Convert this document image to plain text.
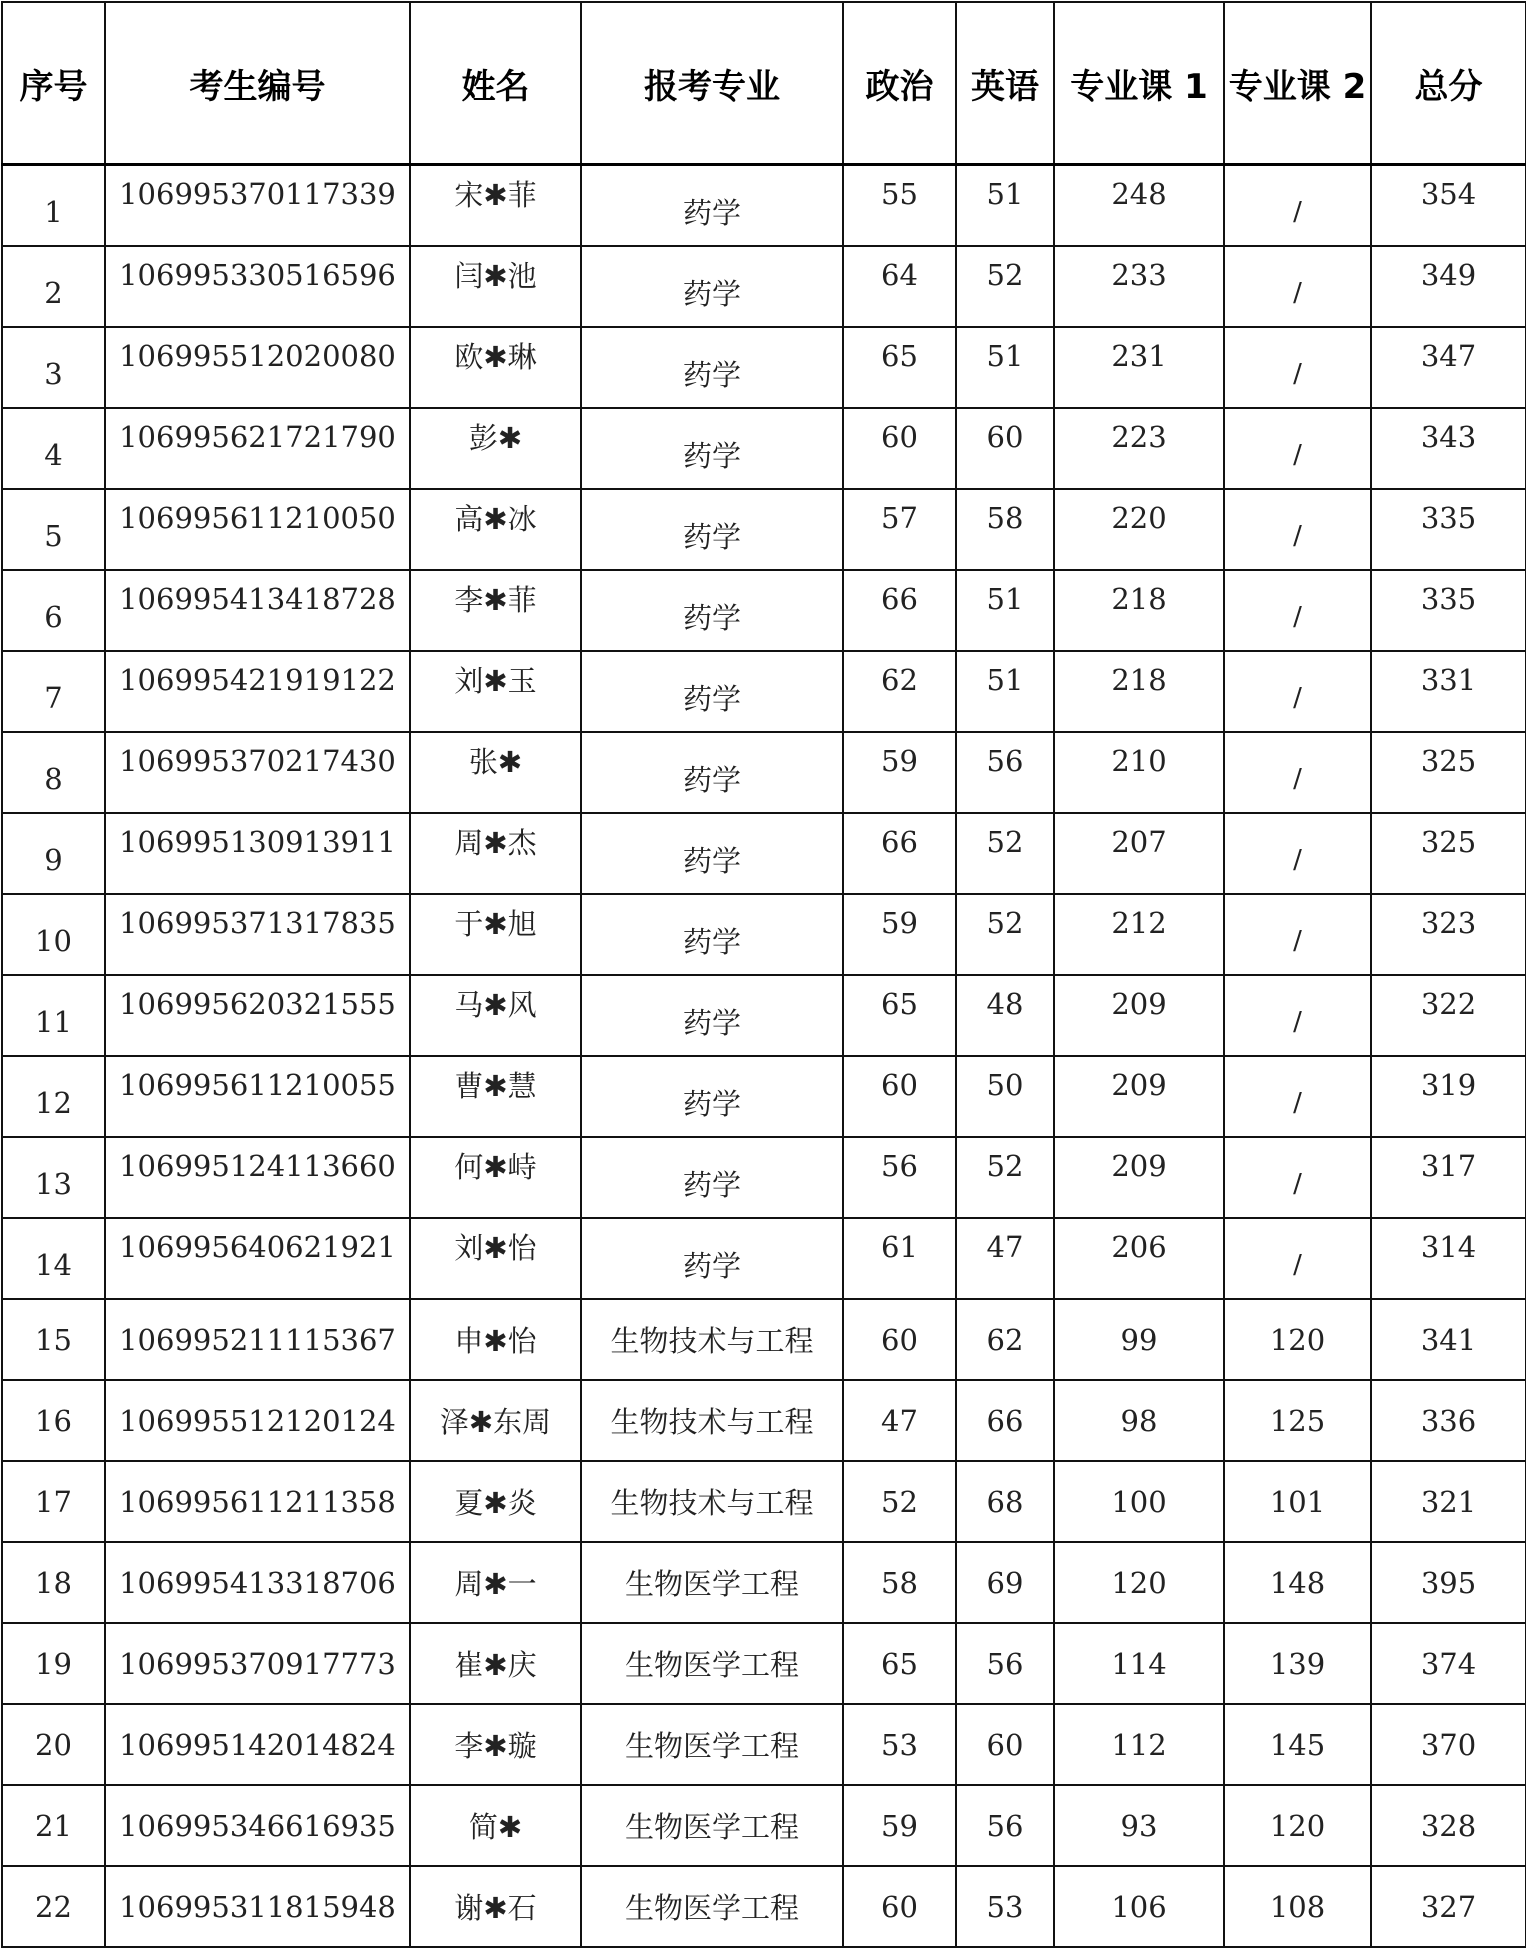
序号	考生编号	姓名	报考专业	政治	英语	专业课 1	专业课 2	总分

1	106995370117339	宋✱菲	药学	55	51	248	/	354

2	106995330516596	闫✱池	药学	64	52	233	/	349

3	106995512020080	欧✱琳	药学	65	51	231	/	347

4	106995621721790	彭✱	药学	60	60	223	/	343

5	106995611210050	高✱冰	药学	57	58	220	/	335

6	106995413418728	李✱菲	药学	66	51	218	/	335

7	106995421919122	刘✱玉	药学	62	51	218	/	331

8	106995370217430	张✱	药学	59	56	210	/	325

9	106995130913911	周✱杰	药学	66	52	207	/	325

10	106995371317835	于✱旭	药学	59	52	212	/	323

11	106995620321555	马✱风	药学	65	48	209	/	322

12	106995611210055	曹✱慧	药学	60	50	209	/	319

13	106995124113660	何✱峙	药学	56	52	209	/	317

14	106995640621921	刘✱怡	药学	61	47	206	/	314

15	106995211115367	申✱怡	生物技术与工程	60	62	99	120	341

16	106995512120124	泽✱东周	生物技术与工程	47	66	98	125	336

17	106995611211358	夏✱炎	生物技术与工程	52	68	100	101	321

18	106995413318706	周✱一	生物医学工程	58	69	120	148	395

19	106995370917773	崔✱庆	生物医学工程	65	56	114	139	374

20	106995142014824	李✱璇	生物医学工程	53	60	112	145	370

21	106995346616935	简✱	生物医学工程	59	56	93	120	328

22	106995311815948	谢✱石	生物医学工程	60	53	106	108	327
